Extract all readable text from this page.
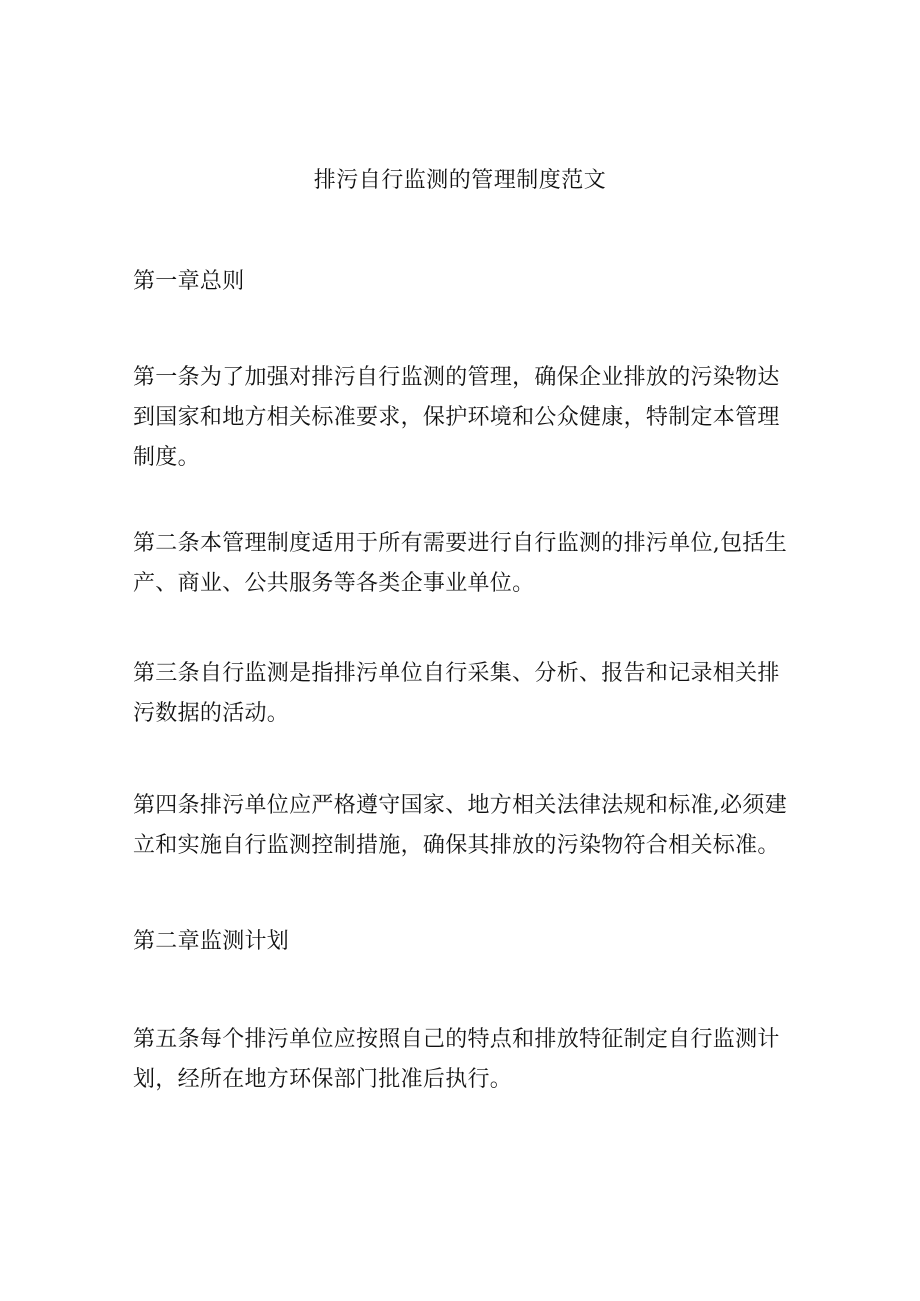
排污自行监测的管理制度范文
第一章总则
第一条为了加强对排污自行监测的管理，确保企业排放的污染物达到国家和地方相关标准要求，保护环境和公众健康，特制定本管理制度。
第二条本管理制度适用于所有需要进行自行监测的排污单位,包括生产、商业、公共服务等各类企事业单位。
第三条自行监测是指排污单位自行采集、分析、报告和记录相关排污数据的活动。
第四条排污单位应严格遵守国家、地方相关法律法规和标准,必须建立和实施自行监测控制措施，确保其排放的污染物符合相关标准。
第二章监测计划
第五条每个排污单位应按照自己的特点和排放特征制定自行监测计划，经所在地方环保部门批准后执行。
